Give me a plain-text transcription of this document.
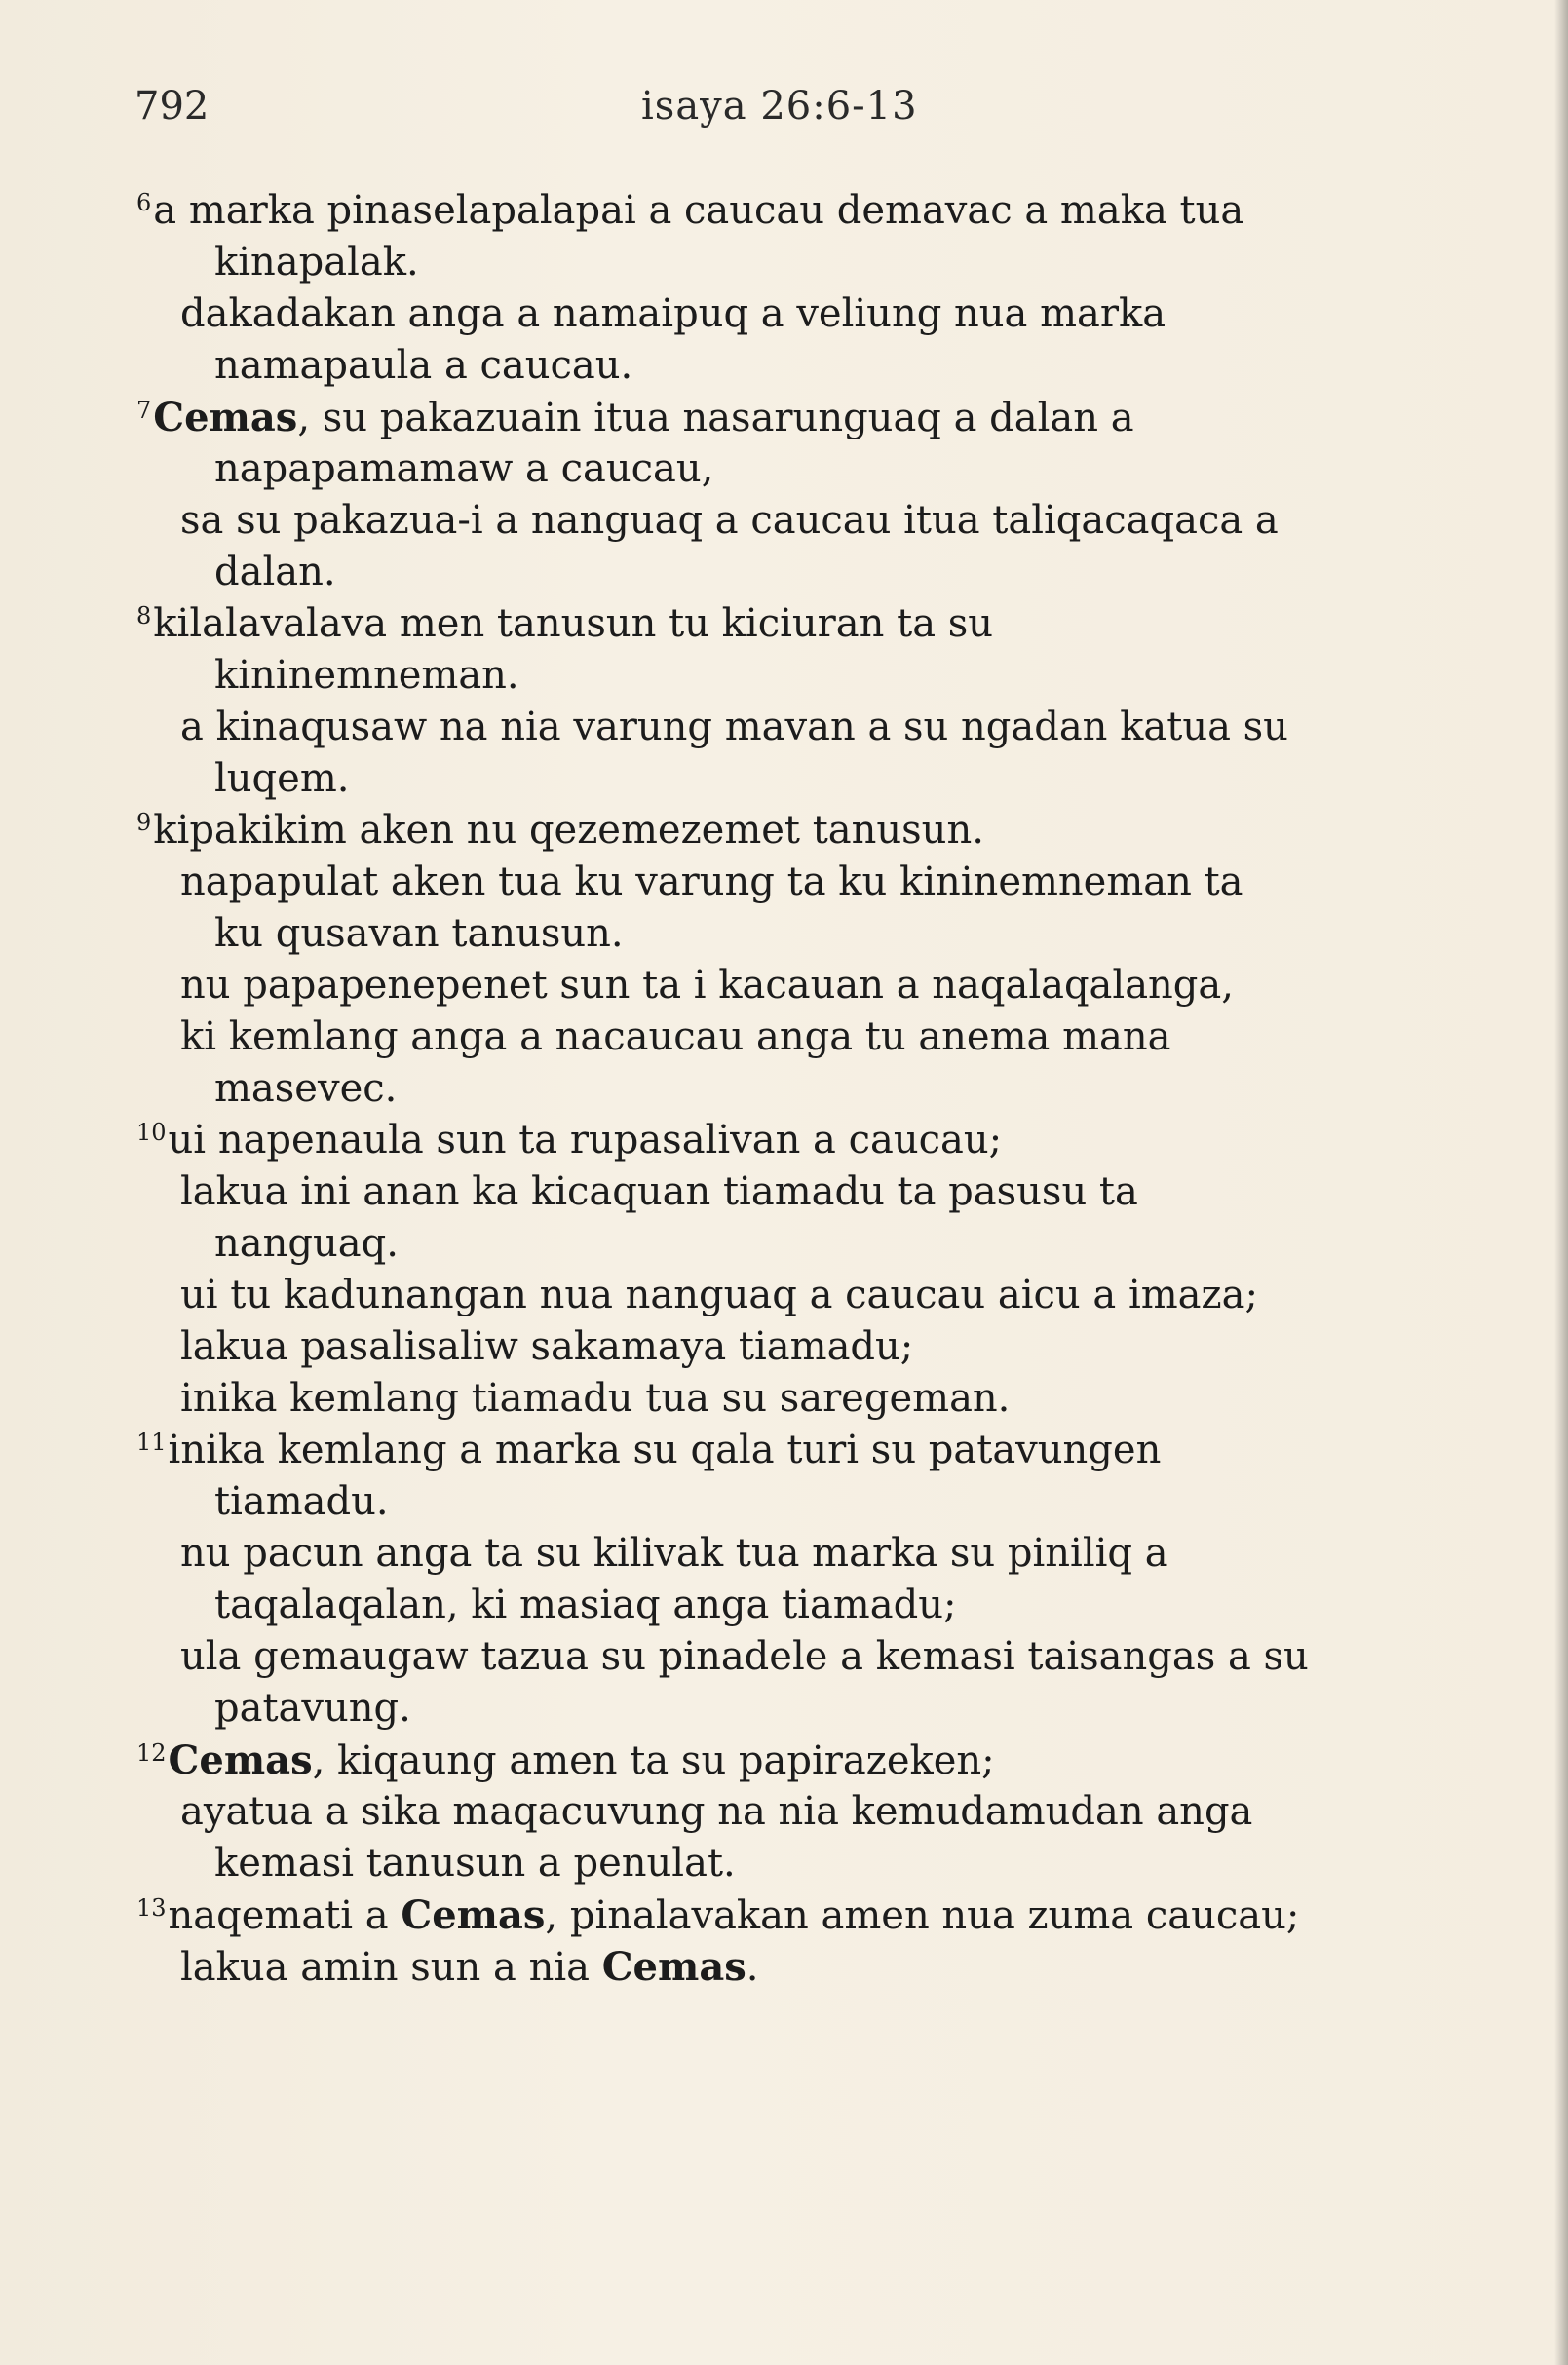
792	isaya 26:6-13
$^6$a marka pinaselapalapai a caucau demavac a maka tua
kinapalak.
dakadakan anga a namaipuq a veliung nua marka
namapaula a caucau.
$^7$Cemas, su pakazuain itua nasarunguaq a dalan a
napapamamaw a caucau,
sa su pakazua-i a nanguaq a caucau itua taliqacaqaca a
dalan.
$^8$kilalavalava men tanusun tu kiciuran ta su
kininemneman.
a kinaqusaw na nia varung mavan a su ngadan katua su
luqem.
$^9$kipakikim aken nu qezemezemet tanusun.
napapulat aken tua ku varung ta ku kininemneman ta
ku qusavan tanusun.
nu papapenepenet sun ta i kacauan a naqalaqalanga,
ki kemlang anga a nacaucau anga tu anema mana
masevec.
$^{10}$ui napenaula sun ta rupasalivan a caucau;
lakua ini anan ka kicaquan tiamadu ta pasusu ta
nanguaq.
ui tu kadunangan nua nanguaq a caucau aicu a imaza;
lakua pasalisaliw sakamaya tiamadu;
inika kemlang tiamadu tua su saregeman.
$^{11}$inika kemlang a marka su qala turi su patavungen
tiamadu.
nu pacun anga ta su kilivak tua marka su piniliq a
taqalaqalan, ki masiaq anga tiamadu;
ula gemaugaw tazua su pinadele a kemasi taisangas a su
patavung.
$^{12}$Cemas, kiqaung amen ta su papirazeken;
ayatua a sika maqacuvung na nia kemudamudan anga
kemasi tanusun a penulat.
$^{13}$naqemati a Cemas, pinalavakan amen nua zuma caucau;
lakua amin sun a nia Cemas.
